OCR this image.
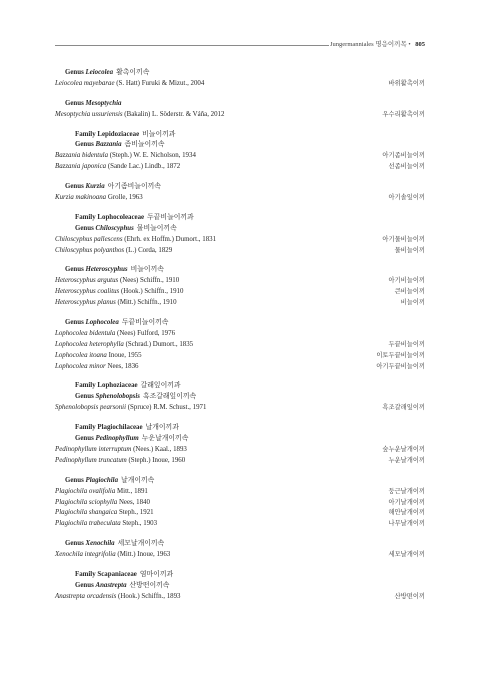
Jungermanniales 명응이끼목 • 805
Genus Leiocolea 활촉이끼속
Leiocolea mayebarae (S. Hatt) Furuki & Mizut., 2004	바위활촉이끼
Genus Mesoptychia
Mesoptychia ussuriensis (Bakalin) L. Söderstr. & Váňa, 2012	우수리활촉이끼
Family Lepidoziaceae 비늘이끼과
Genus Bazzania 좀비늘이끼속
Bazzania bidentula (Steph.) W. E. Nicholson, 1934	아기좀비늘이끼
Bazzania japonica (Sande Lac.) Lindb., 1872	선좀비늘이끼
Genus Kurzia 아기좀비늘이끼속
Kurzia makinoana Grolle, 1963	아기솔잎이끼
Family Lophocoleaceae 두끝비늘이끼과
Genus Chiloscyphus 물비늘이끼속
Chiloscyphus pallescens (Ehrh. ex Hoffm.) Dumort., 1831	아기물비늘이끼
Chiloscyphus polyanthos (L.) Corda, 1829	물비늘이끼
Genus Heteroscyphus 비늘이끼속
Heteroscyphus argutus (Nees) Schiffn., 1910	아기비늘이끼
Heteroscyphus coalitus (Hook.) Schiffn., 1910	큰비늘이끼
Heteroscyphus planus (Mitt.) Schiffn., 1910	비늘이끼
Genus Lophocolea 두끝비늘이끼속
Lophocolea bidentula (Nees) Fulford, 1976
Lophocolea heterophylla (Schrad.) Dumort., 1835	두끝비늘이끼
Lophocolea itoana Inoue, 1955	이토두끝비늘이끼
Lophocolea minor Nees, 1836	아기두끝비늘이끼
Family Lophoziaceae 갈래잎이끼과
Genus Sphenolobopsis 흑조갈래잎이끼속
Sphenolobopsis pearsonii (Spruce) R.M. Schust., 1971	흑조갈래잎이끼
Family Plagiochilaceae 날개이끼과
Genus Pedinophyllum 누운날개이끼속
Pedinophyllum interruptum (Nees.) Kaal., 1893	숲누운날개이끼
Pedinophyllum truncatum (Steph.) Inoue, 1960	누운날개이끼
Genus Plagiochila 날개이끼속
Plagiochila ovalifolia Mitt., 1891	둥근날개이끼
Plagiochila sciophylla Nees, 1840	아기날개이끼
Plagiochila shangaica Steph., 1921	해안날개이끼
Plagiochila trabeculata Steph., 1903	나무날개이끼
Genus Xenochila 세모날개이끼속
Xenochila integrifolia (Mitt.) Inoue, 1963	세모날개이끼
Family Scapaniaceae 염마이끼과
Genus Anastrepta 산방떤이끼속
Anastrepta orcadensis (Hook.) Schiffn., 1893	산방떤이끼
